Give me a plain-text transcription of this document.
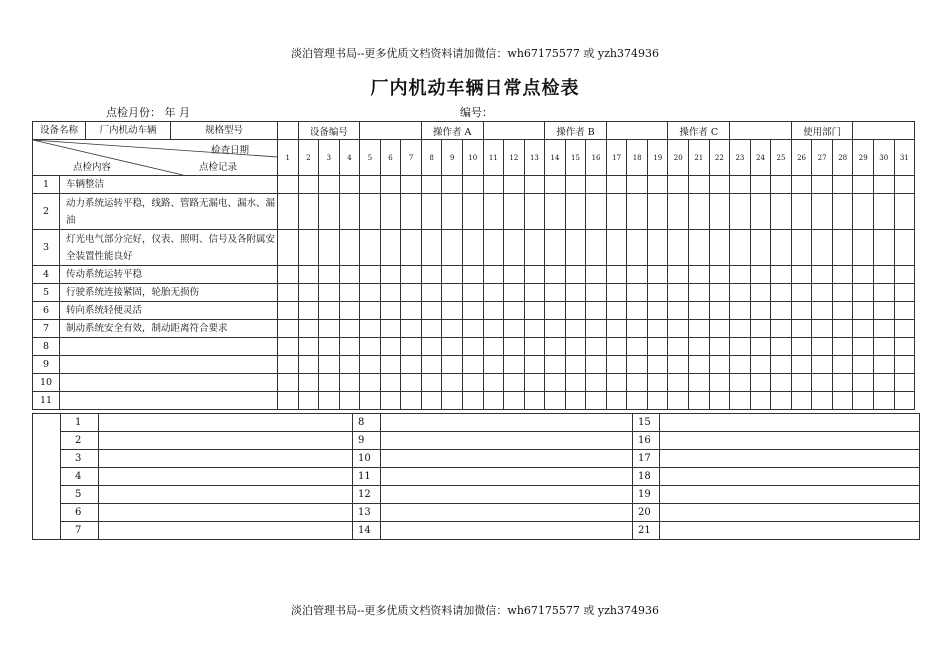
淡泊管理书局--更多优质文档资料请加微信：wh67175577 或 yzh374936
厂内机动车辆日常点检表
点检月份： 年 月	编号：
设备名称 厂内机动车辆 规格型号			设备编号						操作者 A						操作者 B						操作者 C						使用部门					

检查日期
点检内容 点检记录		1	2	3	4	5	6	7	8	9	10	11	12	13	14	15	16	17	18	19	20	21	22	23	24	25	26	27	28	29	30	31
1	车辆整洁																															
2	动力系统运转平稳，线路、管路无漏电、漏水、漏油																															
3	灯光电气部分完好，仪表、照明、信号及各附属安全装置性能良好																															
4	传动系统运转平稳																															
5	行驶系统连接紧固，轮胎无损伤																															
6	转向系统轻便灵活																															
7	制动系统安全有效，制动距离符合要求																															
8																																
9																																
10																																
11																																
	1		8		15	
	2		9		16	
	3		10		17	
	4		11		18	
	5		12		19	
	6		13		20	
	7		14		21	
淡泊管理书局--更多优质文档资料请加微信：wh67175577 或 yzh374936
